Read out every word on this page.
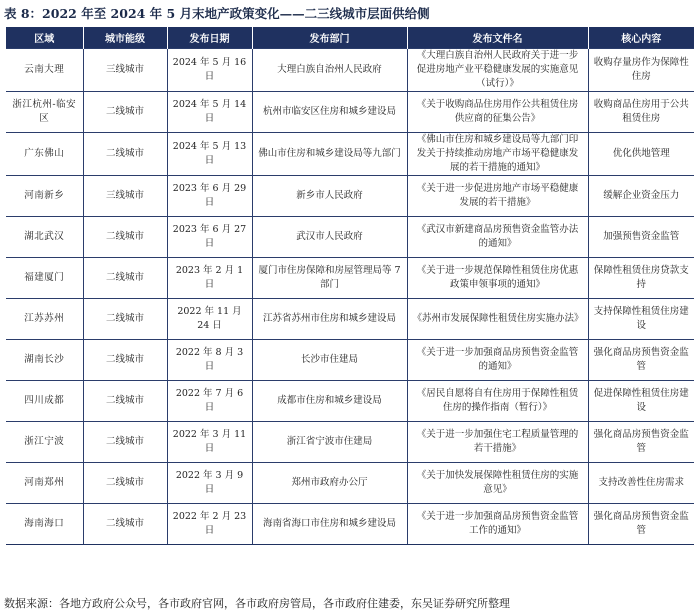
表 8：2022 年至 2024 年 5 月末地产政策变化——二三线城市层面供给侧
区域	城市能级	发布日期	发布部门	发布文件名	核心内容
云南大理	三线城市	2024 年 5 月 16 日	大理白族自治州人民政府	《大理白族自治州人民政府关于进一步促进房地产业平稳健康发展的实施意见（试行）》	收购存量房作为保障性住房
浙江杭州-临安区	二线城市	2024 年 5 月 14 日	杭州市临安区住房和城乡建设局	《关于收购商品住房用作公共租赁住房供应商的征集公告》	收购商品住房用于公共租赁住房
广东佛山	二线城市	2024 年 5 月 13 日	佛山市住房和城乡建设局等九部门	《佛山市住房和城乡建设局等九部门印发关于持续推动房地产市场平稳健康发展的若干措施的通知》	优化供地管理
河南新乡	三线城市	2023 年 6 月 29 日	新乡市人民政府	《关于进一步促进房地产市场平稳健康发展的若干措施》	缓解企业资金压力
湖北武汉	二线城市	2023 年 6 月 27 日	武汉市人民政府	《武汉市新建商品房预售资金监管办法的通知》	加强预售资金监管
福建厦门	二线城市	2023 年 2 月 1 日	厦门市住房保障和房屋管理局等 7 部门	《关于进一步规范保障性租赁住房优惠政策申领事项的通知》	保障性租赁住房贷款支持
江苏苏州	二线城市	2022 年 11 月 24 日	江苏省苏州市住房和城乡建设局	《苏州市发展保障性租赁住房实施办法》	支持保障性租赁住房建设
湖南长沙	二线城市	2022 年 8 月 3 日	长沙市住建局	《关于进一步加强商品房预售资金监管的通知》	强化商品房预售资金监管
四川成都	二线城市	2022 年 7 月 6 日	成都市住房和城乡建设局	《居民自愿将自有住房用于保障性租赁住房的操作指南（暂行）》	促进保障性租赁住房建设
浙江宁波	二线城市	2022 年 3 月 11 日	浙江省宁波市住建局	《关于进一步加强住宅工程质量管理的若干措施》	强化商品房预售资金监管
河南郑州	二线城市	2022 年 3 月 9 日	郑州市政府办公厅	《关于加快发展保障性租赁住房的实施意见》	支持改善性住房需求
海南海口	二线城市	2022 年 2 月 23 日	海南省海口市住房和城乡建设局	《关于进一步加强商品房预售资金监管工作的通知》	强化商品房预售资金监管
数据来源：各地方政府公众号，各市政府官网，各市政府房管局，各市政府住建委，东吴证券研究所整理
